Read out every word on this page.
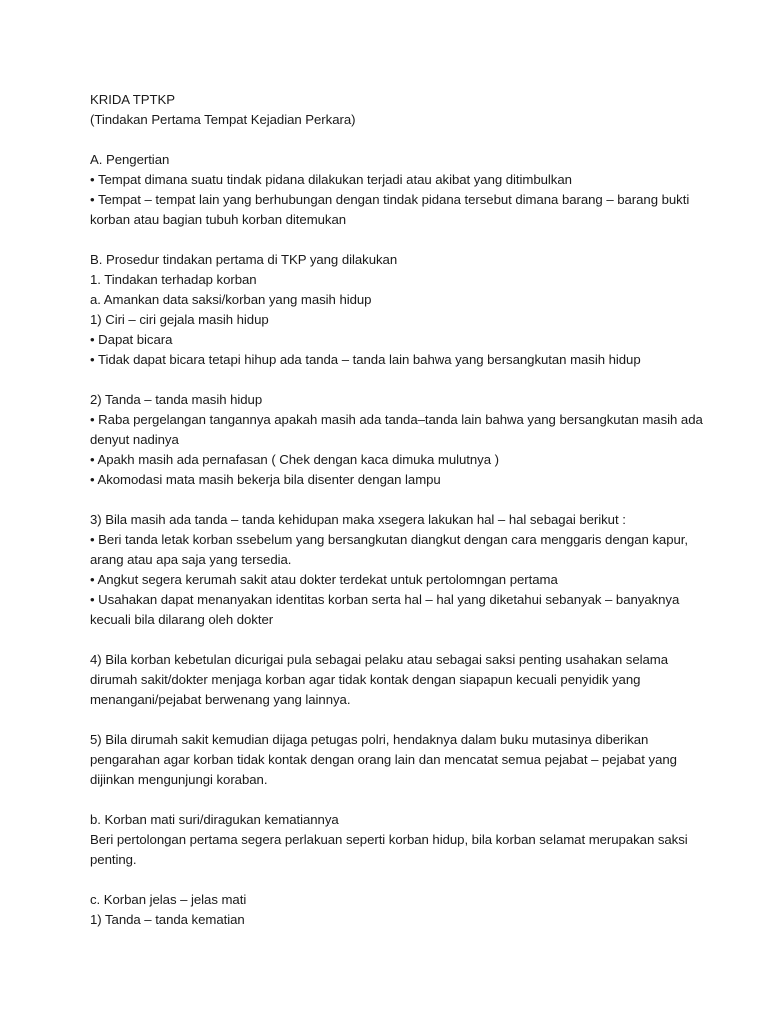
KRIDA TPTKP
(Tindakan Pertama Tempat Kejadian Perkara)
A. Pengertian
• Tempat dimana suatu tindak pidana dilakukan terjadi atau akibat yang ditimbulkan
• Tempat – tempat lain yang berhubungan dengan tindak pidana tersebut dimana barang – barang bukti
korban atau bagian tubuh korban ditemukan
B. Prosedur tindakan pertama di TKP yang dilakukan
1. Tindakan terhadap korban
a. Amankan data saksi/korban yang masih hidup
1) Ciri – ciri gejala masih hidup
• Dapat bicara
• Tidak dapat bicara tetapi hihup ada tanda – tanda lain bahwa yang bersangkutan masih hidup
2) Tanda – tanda masih hidup
• Raba pergelangan tangannya apakah masih ada tanda–tanda lain bahwa yang bersangkutan masih ada
denyut nadinya
• Apakh masih ada pernafasan ( Chek dengan kaca dimuka mulutnya )
• Akomodasi mata masih bekerja bila disenter dengan lampu
3) Bila masih ada tanda – tanda kehidupan maka xsegera lakukan hal – hal sebagai berikut :
• Beri tanda letak korban ssebelum yang bersangkutan diangkut dengan cara menggaris dengan kapur,
arang atau apa saja yang tersedia.
• Angkut segera kerumah sakit atau dokter terdekat untuk pertolomngan pertama
• Usahakan dapat menanyakan identitas korban serta hal – hal yang diketahui sebanyak – banyaknya
kecuali bila dilarang oleh dokter
4) Bila korban kebetulan dicurigai pula sebagai pelaku atau sebagai saksi penting usahakan selama
dirumah sakit/dokter menjaga korban agar tidak kontak dengan siapapun kecuali penyidik yang
menangani/pejabat berwenang yang lainnya.
5) Bila dirumah sakit kemudian dijaga petugas polri, hendaknya dalam buku mutasinya diberikan
pengarahan agar korban tidak kontak dengan orang lain dan mencatat semua pejabat – pejabat yang
dijinkan mengunjungi koraban.
b. Korban mati suri/diragukan kematiannya
Beri pertolongan pertama segera perlakuan seperti korban hidup, bila korban selamat merupakan saksi
penting.
c. Korban jelas – jelas mati
1) Tanda – tanda kematian
